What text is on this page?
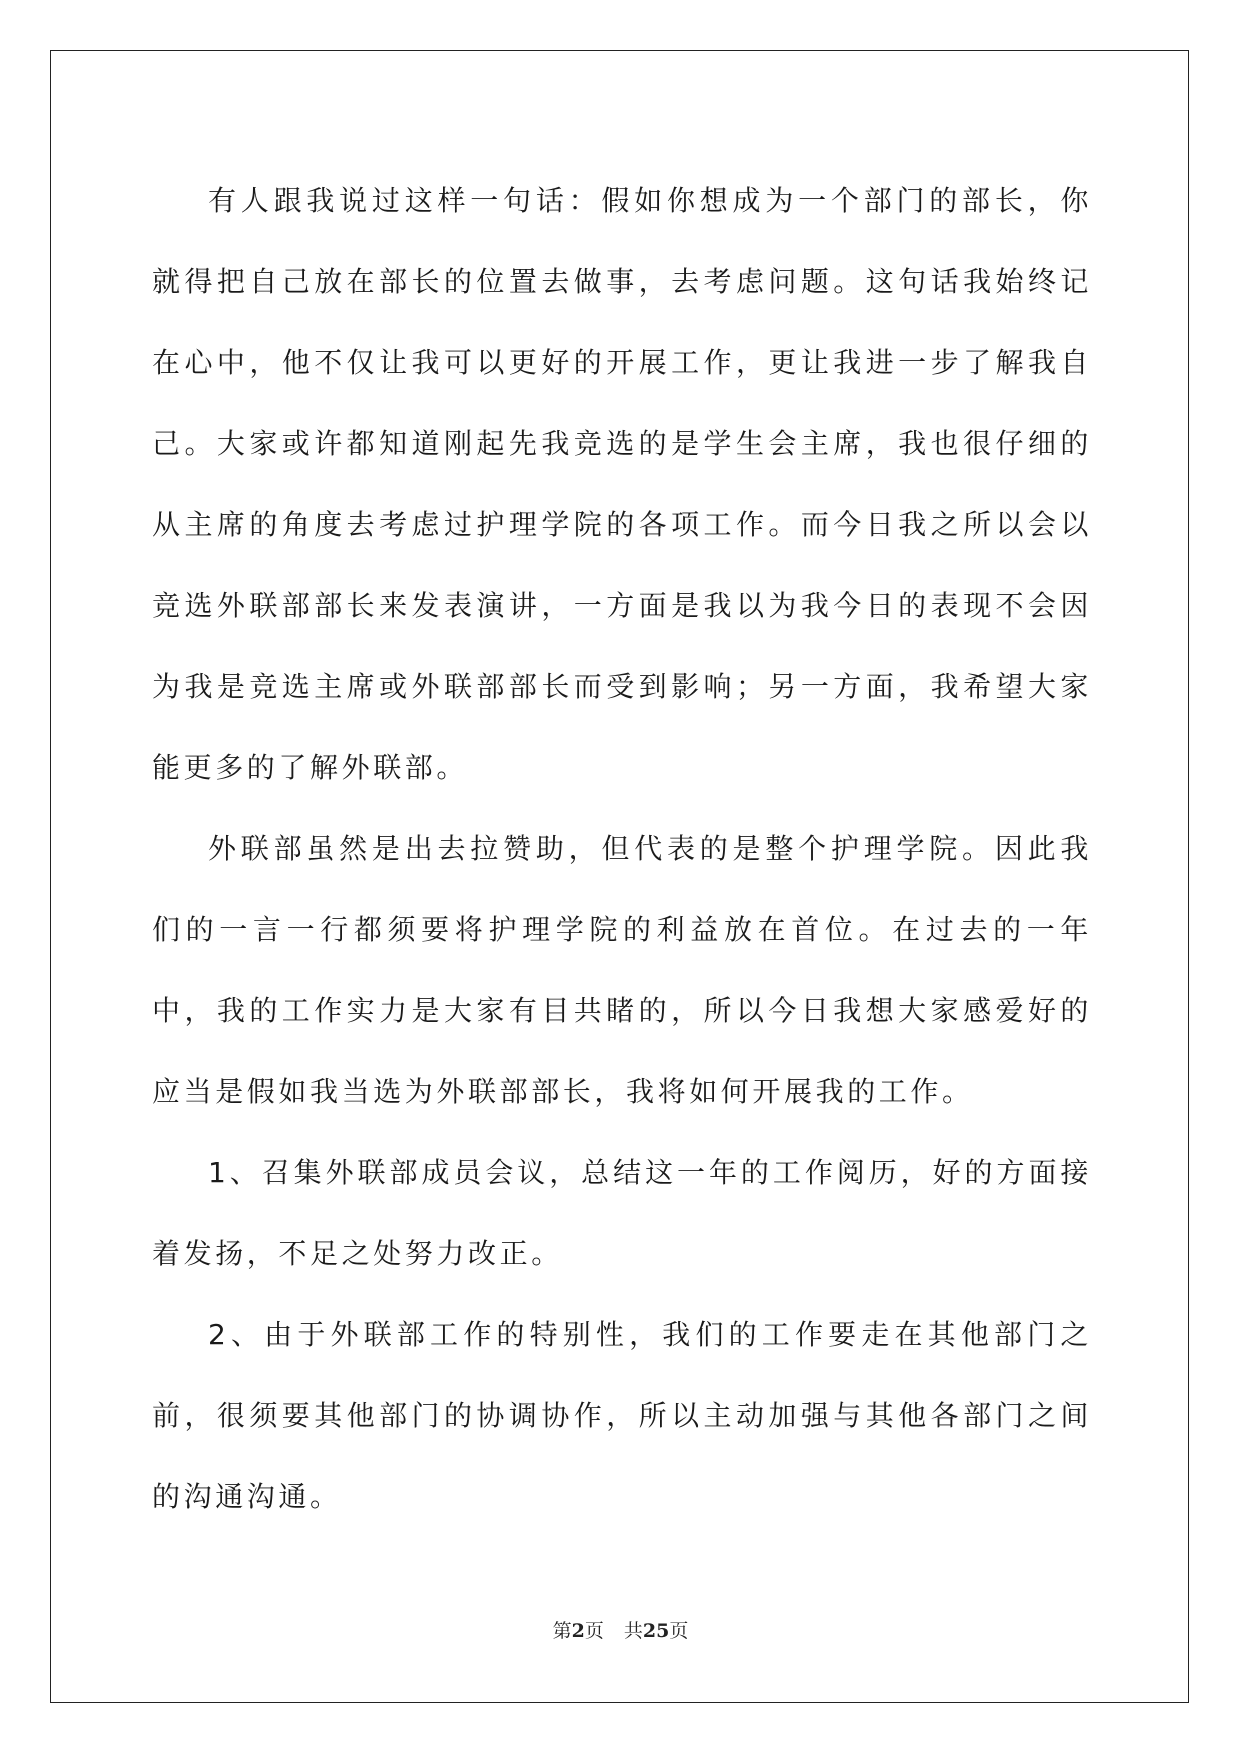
有人跟我说过这样一句话：假如你想成为一个部门的部长，你就得把自己放在部长的位置去做事，去考虑问题。这句话我始终记在心中，他不仅让我可以更好的开展工作，更让我进一步了解我自己。大家或许都知道刚起先我竞选的是学生会主席，我也很仔细的从主席的角度去考虑过护理学院的各项工作。而今日我之所以会以竞选外联部部长来发表演讲，一方面是我以为我今日的表现不会因为我是竞选主席或外联部部长而受到影响；另一方面，我希望大家能更多的了解外联部。

外联部虽然是出去拉赞助，但代表的是整个护理学院。因此我们的一言一行都须要将护理学院的利益放在首位。在过去的一年中，我的工作实力是大家有目共睹的，所以今日我想大家感爱好的应当是假如我当选为外联部部长，我将如何开展我的工作。

1、召集外联部成员会议，总结这一年的工作阅历，好的方面接着发扬，不足之处努力改正。

2、由于外联部工作的特别性，我们的工作要走在其他部门之前，很须要其他部门的协调协作，所以主动加强与其他各部门之间的沟通沟通。

第2页 共25页
